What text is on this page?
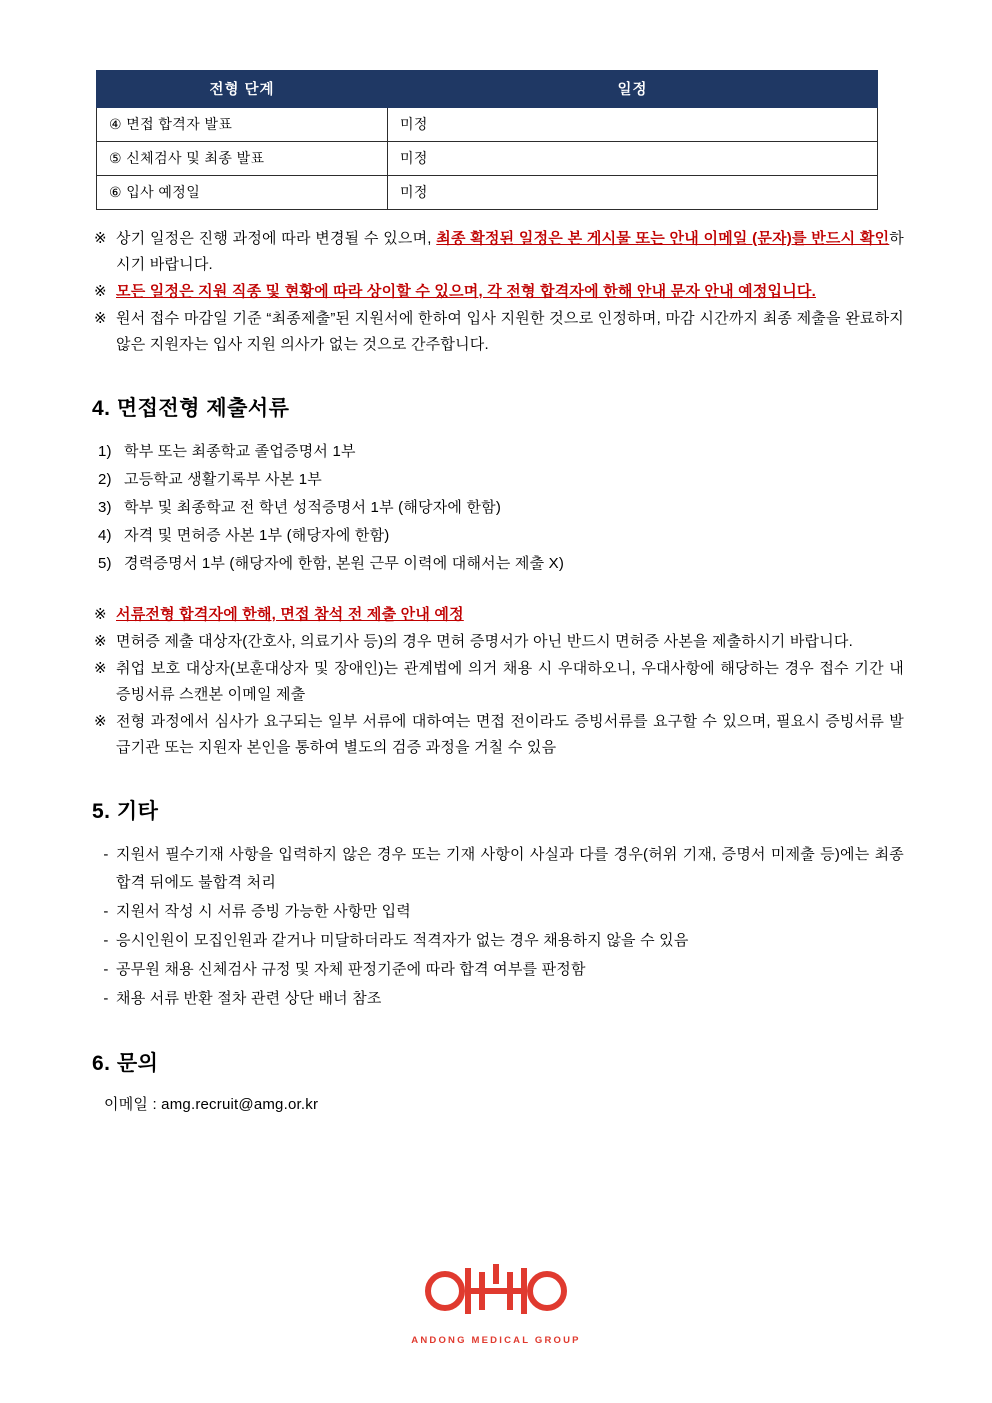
전형 단계	일정
④ 면접 합격자 발표	미정
⑤ 신체검사 및 최종 발표	미정
⑥ 입사 예정일	미정
※ 상기 일정은 진행 과정에 따라 변경될 수 있으며, 최종 확정된 일정은 본 게시물 또는 안내 이메일 (문자)를 반드시 확인하시기 바랍니다.
※ 모든 일정은 지원 직종 및 현황에 따라 상이할 수 있으며, 각 전형 합격자에 한해 안내 문자 안내 예정입니다.
※ 원서 접수 마감일 기준 “최종제출”된 지원서에 한하여 입사 지원한 것으로 인정하며, 마감 시간까지 최종 제출을 완료하지 않은 지원자는 입사 지원 의사가 없는 것으로 간주합니다.
4. 면접전형 제출서류
1) 학부 또는 최종학교 졸업증명서 1부
2) 고등학교 생활기록부 사본 1부
3) 학부 및 최종학교 전 학년 성적증명서 1부 (해당자에 한함)
4) 자격 및 면허증 사본 1부 (해당자에 한함)
5) 경력증명서 1부 (해당자에 한함, 본원 근무 이력에 대해서는 제출 X)
※ 서류전형 합격자에 한해, 면접 참석 전 제출 안내 예정
※ 면허증 제출 대상자(간호사, 의료기사 등)의 경우 면허 증명서가 아닌 반드시 면허증 사본을 제출하시기 바랍니다.
※ 취업 보호 대상자(보훈대상자 및 장애인)는 관계법에 의거 채용 시 우대하오니, 우대사항에 해당하는 경우 접수 기간 내 증빙서류 스캔본 이메일 제출
※ 전형 과정에서 심사가 요구되는 일부 서류에 대하여는 면접 전이라도 증빙서류를 요구할 수 있으며, 필요시 증빙서류 발급기관 또는 지원자 본인을 통하여 별도의 검증 과정을 거칠 수 있음
5. 기타
- 지원서 필수기재 사항을 입력하지 않은 경우 또는 기재 사항이 사실과 다를 경우(허위 기재, 증명서 미제출 등)에는 최종합격 뒤에도 불합격 처리
- 지원서 작성 시 서류 증빙 가능한 사항만 입력
- 응시인원이 모집인원과 같거나 미달하더라도 적격자가 없는 경우 채용하지 않을 수 있음
- 공무원 채용 신체검사 규정 및 자체 판정기준에 따라 합격 여부를 판정함
- 채용 서류 반환 절차 관련 상단 배너 참조
6. 문의
이메일 : amg.recruit@amg.or.kr
ANDONG MEDICAL GROUP
